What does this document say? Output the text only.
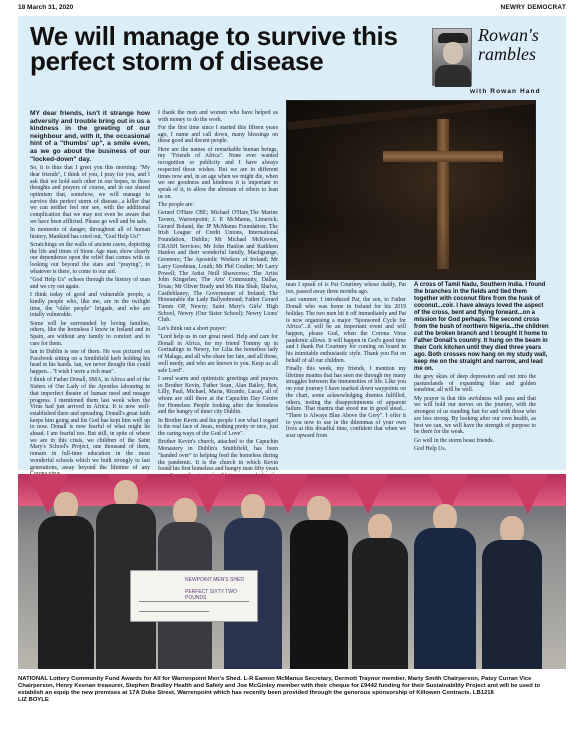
18 March 31, 2020	NEWRY DEMOCRAT
We will manage to survive this perfect storm of disease
Rowan's rambles
with Rowan Hand

MY dear friends, isn't it strange how adversity and trouble bring out in us a kindness in the greeting of our neighbour and, with it, the occasional hint of a "thumbs' up", a smile even, as we go about the business of our "locked-down" day.

So, it is thus that I greet you this morning: "My dear friends", I think of you, I pray for you, and I ask that we hold each other in our hopes, in those thoughts and prayers of course, and in our shared optimism that, somehow, we will manage to survive this perfect storm of disease...a killer that we can neither feel nor see, with the additional complication that we may not even be aware that we have been afflicted. Please go well and be safe.

In moments of danger, throughout all of human history, Mankind has cried out, "God Help Us!"

Scratchings on the walls of ancient caves, depicting the life and times of Stone Age man, show clearly our dependence upon the relief that comes with us looking out beyond the stars and "praying", to whatever is there, to come to our aid.

"God Help Us" echoes through the history of man and we cry out again.

I think today of good and vulnerable people, a kindly people who, like me, are in the twilight time, the "older people" brigade, and who are totally vulnerable.

Some will be surrounded by loving families, others, like the homeless I know in Ireland and in Spain, are without any family to comfort and to care for them.

Ian in Dublin is one of them. He was pictured on Facebook sitting on a Smithfield kerb holding his head in his hands. Ian, we never thought this could happen... "I wish I were a rich man".

I think of Father Donall, SMA, in Africa and of the Sisters of Our Lady of the Apostles labouring in that imperfect theatre of human need and meagre progress. I mentioned them last week when the Virus had just arrived in Africa. It is now well-established there and spreading. Donall's great faith keeps him going and his God has kept him well up to now. Donall is now fearful of what might lie ahead. I am fearful too. But still, in spite of where we are in this crisis, we children of the Saint Mary's School's Project, one thousand of them, remain in full-time education in the most wonderful schools which we built strongly to last generations, away beyond the lifetime of any

I thank the men and women who have helped us with money to do the work.

For the first time since I started this fifteen years ago, I name and call down, many blessings on those good and decent people.

Here are the names of remarkable human beings, my "Friends of Africa". None ever wanted recognition or publicity and I have always respected those wishes. But we are in different times now and, in an age when we might die, when we see goodness and kindness it is important to speak of it, to allow the altruism of others to lean us on.

The people are:

Gerard O'Hare CBE; Michael O'Hare,The Marine Tavern, Warrenpoint; J. P. McManus, Limerick; Gerard Boland, the JP McManus Foundation; The Irish League of Credit Unions, International Foundation, Dublin; Mr Michael McKeown, CRASH Services; Mr John Hanlon and Kathleen Hanlon and their wonderful family, Machgrange, Greenore; The Apostolic Workers of Ireland; Mr Larry Goodman, Louth; Mr Phil Coulter; Mr Larry Powell; The Artist Neill Shawcross; The Artist John Kingerlee; The Arts' Community, Dallas, Texas; Mr Oliver Brady and Ms Rita Shah, Shalva, Castleblaney; The Government of Ireland; The Honourable the Lady Ballyedmond; Father Gerard Tumm OP, Newry; Saint Mary's Girls' High School, Newry (Our Sister School); Newry Lions' Club.

Let's think out a short prayer:

"Lord help us in our great need. Help and care for Donall in Africa, for my friend Tommy up in Gortnabigo in Newry, for Lilia the homeless lady of Malaga, and all who share her fate, and all those, well needy, and who are known to you. Keep us all safe Lord".

I send warm and optimistic greetings and prayers to Brother Kevin, Father Sean, Alan Bailey, Ben, Lilly, Paul, Michael, Maria, Ricardo, Lucas, all of whom are still there at the Capuchin Day Centre for Homeless People looking after the homeless and the hungry of inner city Dublin.

In Brother Kevin and his people I see what I regard is the real face of Jesus, nothing pretty or nice, just the caring ways of the God of Love".

Brother Kevin's church, attached to the Capuchin Monastery in Dublin's Smithfield, has been "handed over" to helping feed the homeless during the pandemic. It is the church in which Kevin found his first homeless and hungry man fifty years

man I speak of is Pat Courtney whose daddy, Pat too, passed away three months ago.

Last summer, I introduced Pat, the son, to Father Donall who was home in Ireland for his 2019 holiday. The two men hit it off immediately and Pat is now organising a major "Sponsored Cycle for Africa"...it will be an important event and will happen, please God, when the Corona Virus pandemic allows. It will happen in God's good time and I thank Pat Courtney for coming on board in his inimitable enthusiastic style. Thank you Pat on behalf of all our children.

Finally this week, my friends, I mention my lifetime mantra that has seen me through my many struggles between the immensities of life. Like you on your journey I have marked down waypoints on the chart, some acknowledging dismiss fulfilled, others, noting the disappointments of apparent failure. That mantra that stood me in good stead... "There is Always Blue Above the Grey". I offer it to you now to use in the dilemmas of your own lives at this dreadful time, confident that when we soar upward from

the grey skies of deep depression and out into the pasturelands of expanding blue and golden sunshine, all will be well.

My prayer is that this awfulness will pass and that we will hold our nerves on the journey, with the strongest of us standing fast for and with those who are less strong. By looking after our own health, as best we can, we will have the strength of purpose to be there for the weak.

Go well in the storm beast friends.

God Help Us.

A cross of Tamil Nadu, Southern India. I found the branches in the fields and tied them together with coconut fibre from the husk of coconut...coir. I have always loved the aspect of the cross, bent and flying forward...on a mission for God perhaps. The second cross from the bush of northern Nigeria...the children cut the broken branch and I brought it home to Father Donall's country. It hung on the beam in their Cork kitchen until they died three years ago. Both crosses now hang on my study wall, keep me on the straight and narrow, and lead me on.
NEWPOINT MEN'S SHED
PERFECT SIXTY TWO POUNDS
NATIONAL Lottery Community Fund Awards for All for Warrenpoint Men's Shed. L-R Eamon McManus Secretary, Dermott Traynor member, Marty Smith Chairperson, Patsy Curran Vice Chairperson, Henry Keenan treasurer, Stephen Bradley Health and Safety and Joe McGinley member with their cheque for £9442 funding for their Sustainability Project and will be used to establish an equip the new premises at 17A Duke Street, Warrenpoint which has recently been provided through the generous sponsorship of Killowen Contracts. LB1218
LIZ BOYLE
